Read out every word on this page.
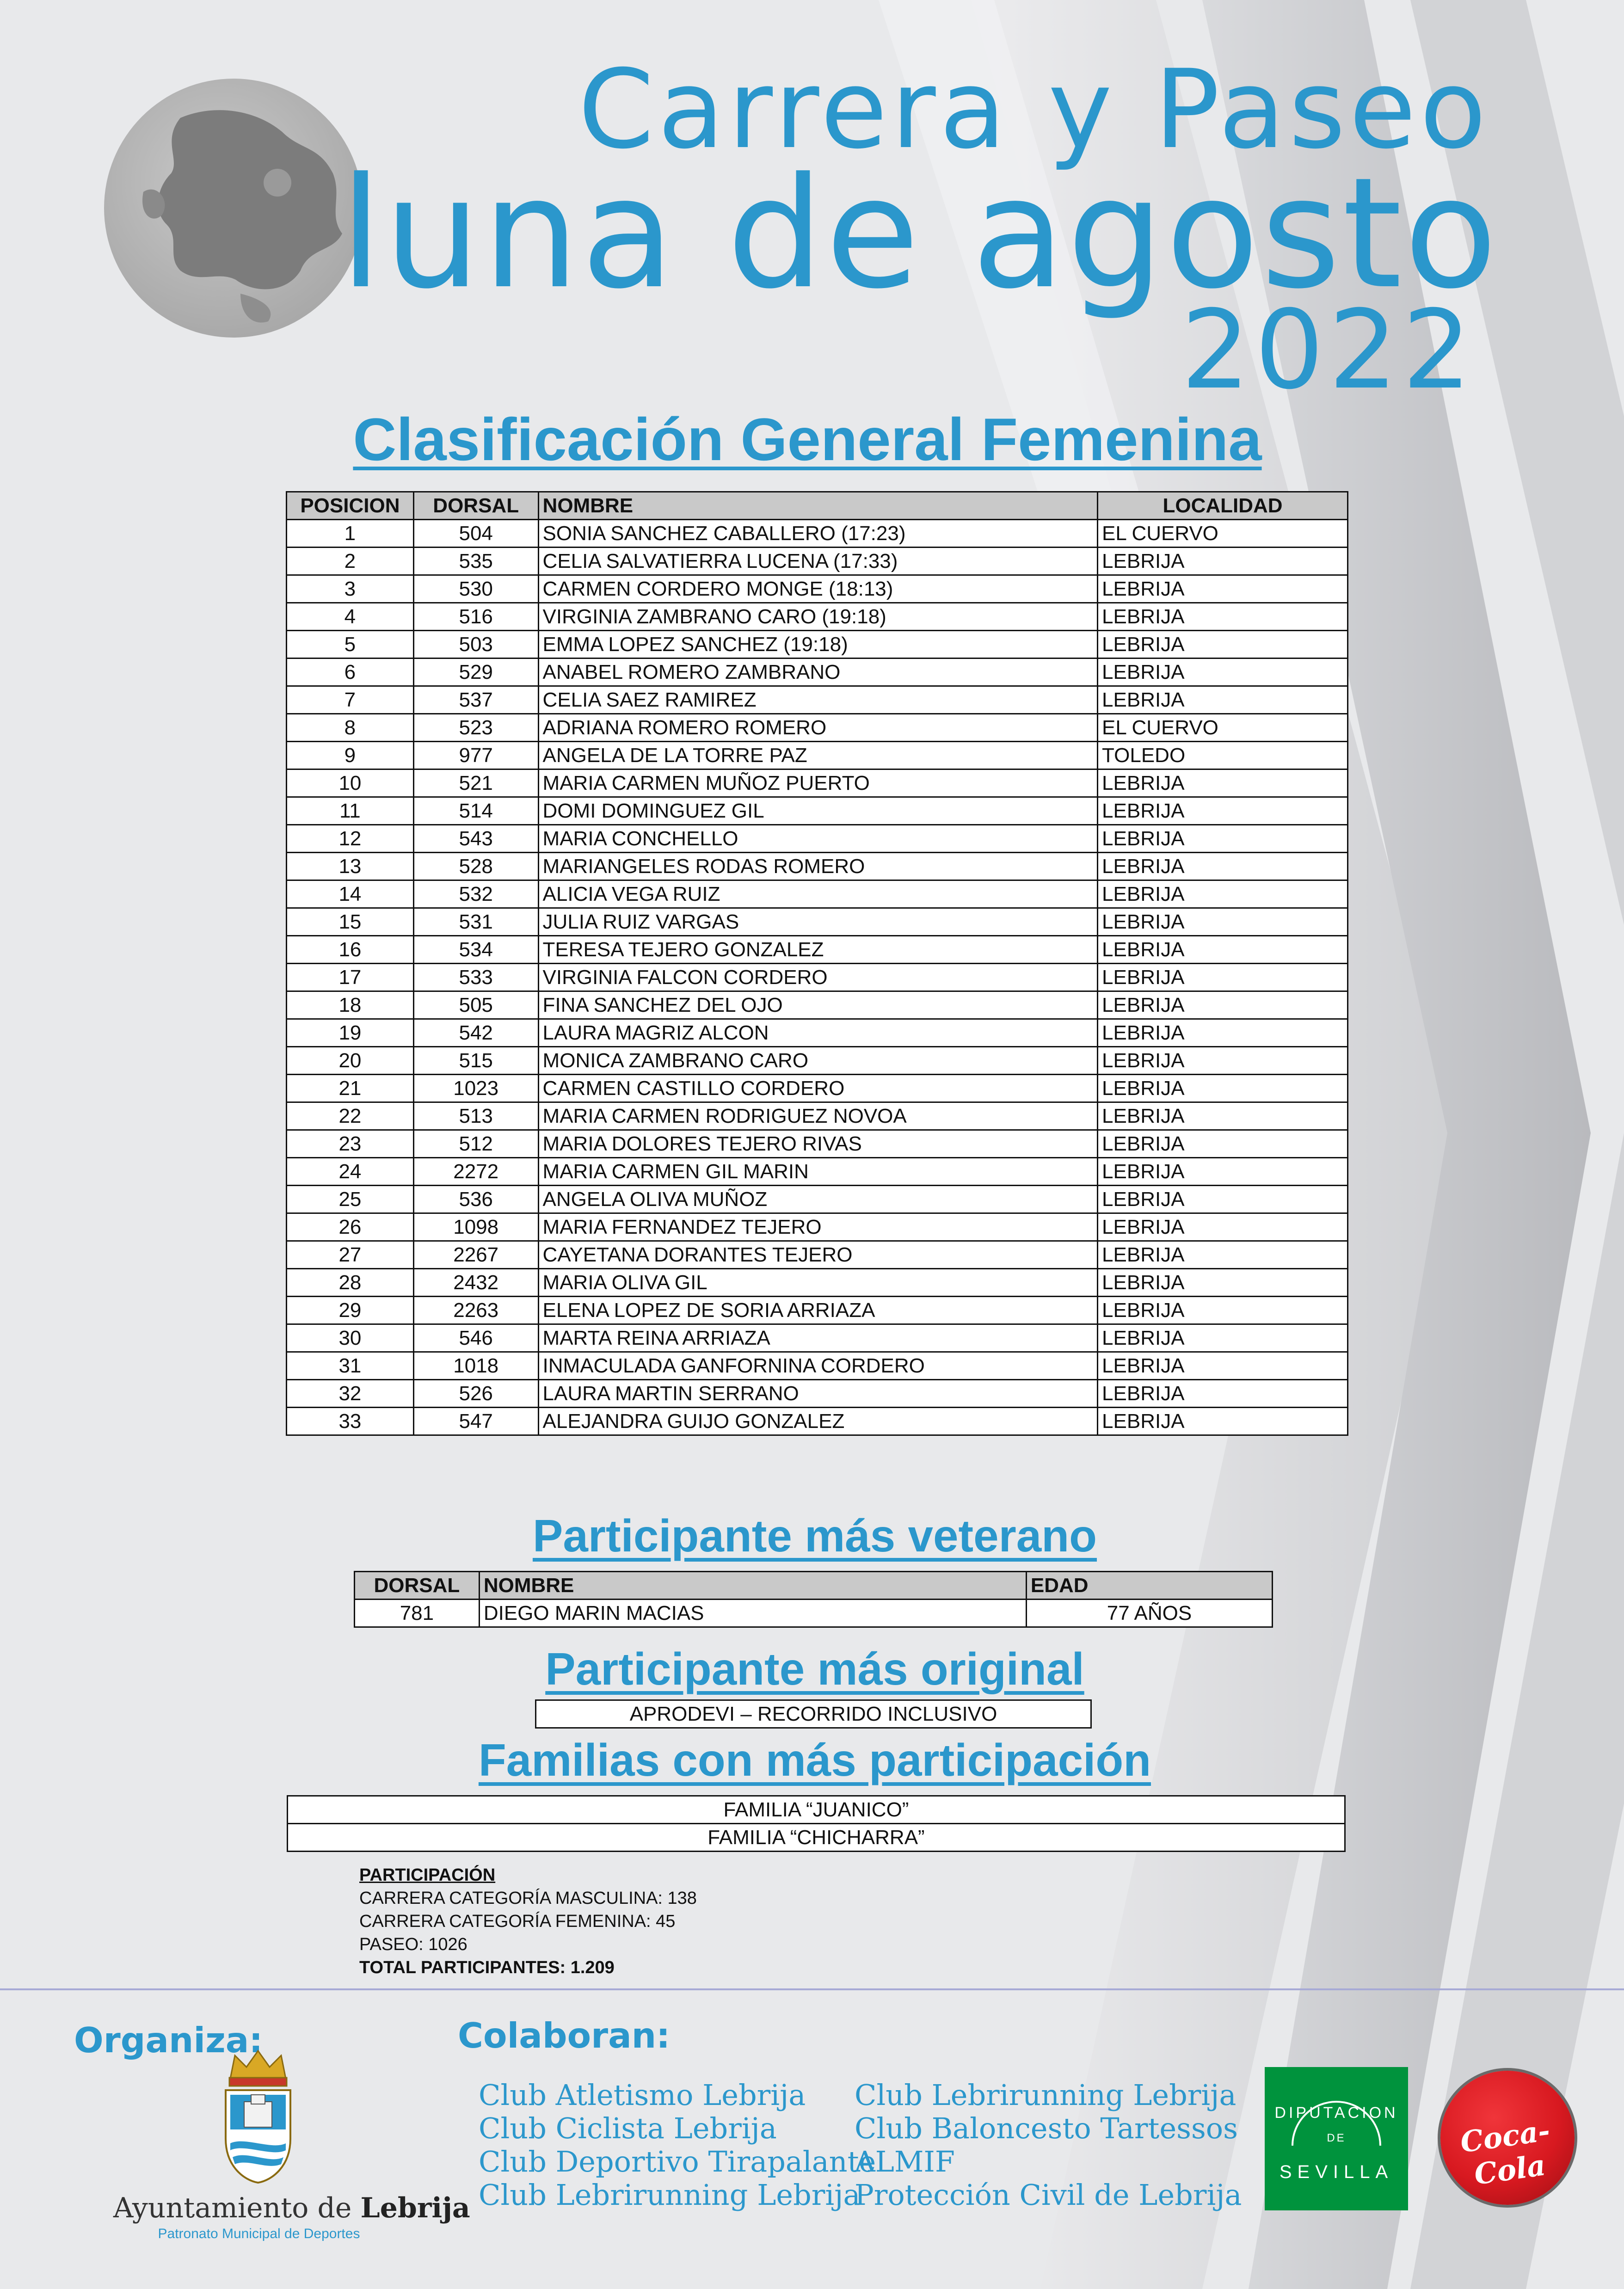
Carrera y Paseo
luna de agosto
2022
Clasificación General Femenina
POSICION	DORSAL	NOMBRE	LOCALIDAD
1	504	SONIA SANCHEZ CABALLERO (17:23)	EL CUERVO
2	535	CELIA SALVATIERRA LUCENA (17:33)	LEBRIJA
3	530	CARMEN CORDERO MONGE (18:13)	LEBRIJA
4	516	VIRGINIA ZAMBRANO CARO (19:18)	LEBRIJA
5	503	EMMA LOPEZ SANCHEZ (19:18)	LEBRIJA
6	529	ANABEL ROMERO ZAMBRANO	LEBRIJA
7	537	CELIA SAEZ RAMIREZ	LEBRIJA
8	523	ADRIANA ROMERO ROMERO	EL CUERVO
9	977	ANGELA DE LA TORRE PAZ	TOLEDO
10	521	MARIA CARMEN MUÑOZ PUERTO	LEBRIJA
11	514	DOMI DOMINGUEZ GIL	LEBRIJA
12	543	MARIA CONCHELLO	LEBRIJA
13	528	MARIANGELES RODAS ROMERO	LEBRIJA
14	532	ALICIA VEGA RUIZ	LEBRIJA
15	531	JULIA RUIZ VARGAS	LEBRIJA
16	534	TERESA TEJERO GONZALEZ	LEBRIJA
17	533	VIRGINIA FALCON CORDERO	LEBRIJA
18	505	FINA SANCHEZ DEL OJO	LEBRIJA
19	542	LAURA MAGRIZ ALCON	LEBRIJA
20	515	MONICA ZAMBRANO CARO	LEBRIJA
21	1023	CARMEN CASTILLO CORDERO	LEBRIJA
22	513	MARIA CARMEN RODRIGUEZ NOVOA	LEBRIJA
23	512	MARIA DOLORES TEJERO RIVAS	LEBRIJA
24	2272	MARIA CARMEN GIL MARIN	LEBRIJA
25	536	ANGELA OLIVA MUÑOZ	LEBRIJA
26	1098	MARIA FERNANDEZ TEJERO	LEBRIJA
27	2267	CAYETANA DORANTES TEJERO	LEBRIJA
28	2432	MARIA OLIVA GIL	LEBRIJA
29	2263	ELENA LOPEZ DE SORIA ARRIAZA	LEBRIJA
30	546	MARTA REINA ARRIAZA	LEBRIJA
31	1018	INMACULADA GANFORNINA CORDERO	LEBRIJA
32	526	LAURA MARTIN SERRANO	LEBRIJA
33	547	ALEJANDRA GUIJO GONZALEZ	LEBRIJA
Participante más veterano
DORSAL	NOMBRE	EDAD
781	DIEGO MARIN MACIAS	77 AÑOS
Participante más original
APRODEVI – RECORRIDO INCLUSIVO
Familias con más participación
FAMILIA “JUANICO”
FAMILIA “CHICHARRA”
PARTICIPACIÓN
CARRERA CATEGORÍA MASCULINA: 138
CARRERA CATEGORÍA FEMENINA: 45
PASEO: 1026
TOTAL PARTICIPANTES: 1.209
Organiza:	Colaboran:
Ayuntamiento de Lebrija
Patronato Municipal de Deportes
Club Atletismo Lebrija
Club Ciclista Lebrija
Club Deportivo Tirapalante
Club Lebrirunning Lebrija
Club Lebrirunning Lebrija
Club Baloncesto Tartessos
ALMIF
Protección Civil de Lebrija
DIPUTACION
DE
SEVILLA
Coca-Cola
